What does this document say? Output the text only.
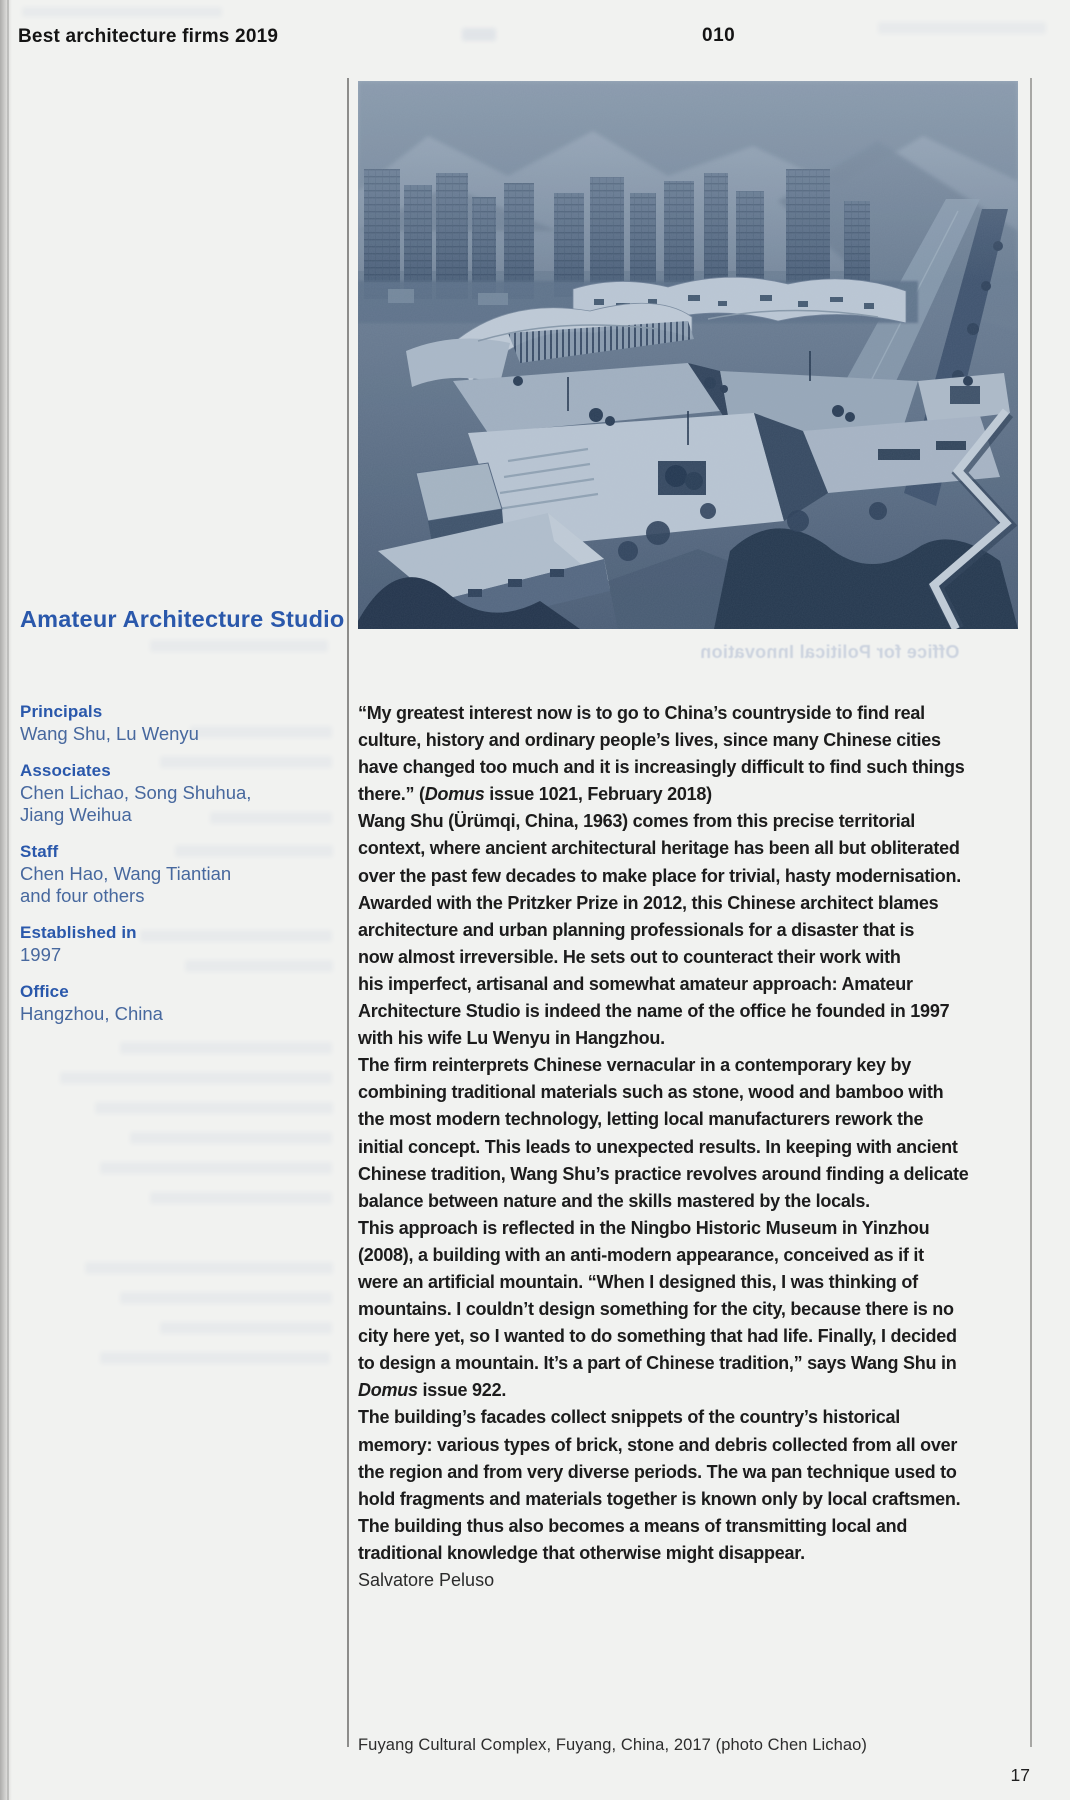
Best architecture firms 2019	010
Office for Political Innovation
Amateur Architecture Studio
Principals
Wang Shu, Lu Wenyu
Associates
Chen Lichao, Song Shuhua,
Jiang Weihua
Staff
Chen Hao, Wang Tiantian
and four others
Established in
1997
Office
Hangzhou, China
“My greatest interest now is to go to China’s countryside to find real
culture, history and ordinary people’s lives, since many Chinese cities
have changed too much and it is increasingly difficult to find such things
there.” (Domus issue 1021, February 2018)
Wang Shu (Ürümqi, China, 1963) comes from this precise territorial
context, where ancient architectural heritage has been all but obliterated
over the past few decades to make place for trivial, hasty modernisation.
Awarded with the Pritzker Prize in 2012, this Chinese architect blames
architecture and urban planning professionals for a disaster that is
now almost irreversible. He sets out to counteract their work with
his imperfect, artisanal and somewhat amateur approach: Amateur
Architecture Studio is indeed the name of the office he founded in 1997
with his wife Lu Wenyu in Hangzhou.
The firm reinterprets Chinese vernacular in a contemporary key by
combining traditional materials such as stone, wood and bamboo with
the most modern technology, letting local manufacturers rework the
initial concept. This leads to unexpected results. In keeping with ancient
Chinese tradition, Wang Shu’s practice revolves around finding a delicate
balance between nature and the skills mastered by the locals.
This approach is reflected in the Ningbo Historic Museum in Yinzhou
(2008), a building with an anti-modern appearance, conceived as if it
were an artificial mountain. “When I designed this, I was thinking of
mountains. I couldn’t design something for the city, because there is no
city here yet, so I wanted to do something that had life. Finally, I decided
to design a mountain. It’s a part of Chinese tradition,” says Wang Shu in
Domus issue 922.
The building’s facades collect snippets of the country’s historical
memory: various types of brick, stone and debris collected from all over
the region and from very diverse periods. The wa pan technique used to
hold fragments and materials together is known only by local craftsmen.
The building thus also becomes a means of transmitting local and
traditional knowledge that otherwise might disappear.
Salvatore Peluso
Fuyang Cultural Complex, Fuyang, China, 2017 (photo Chen Lichao)
17
